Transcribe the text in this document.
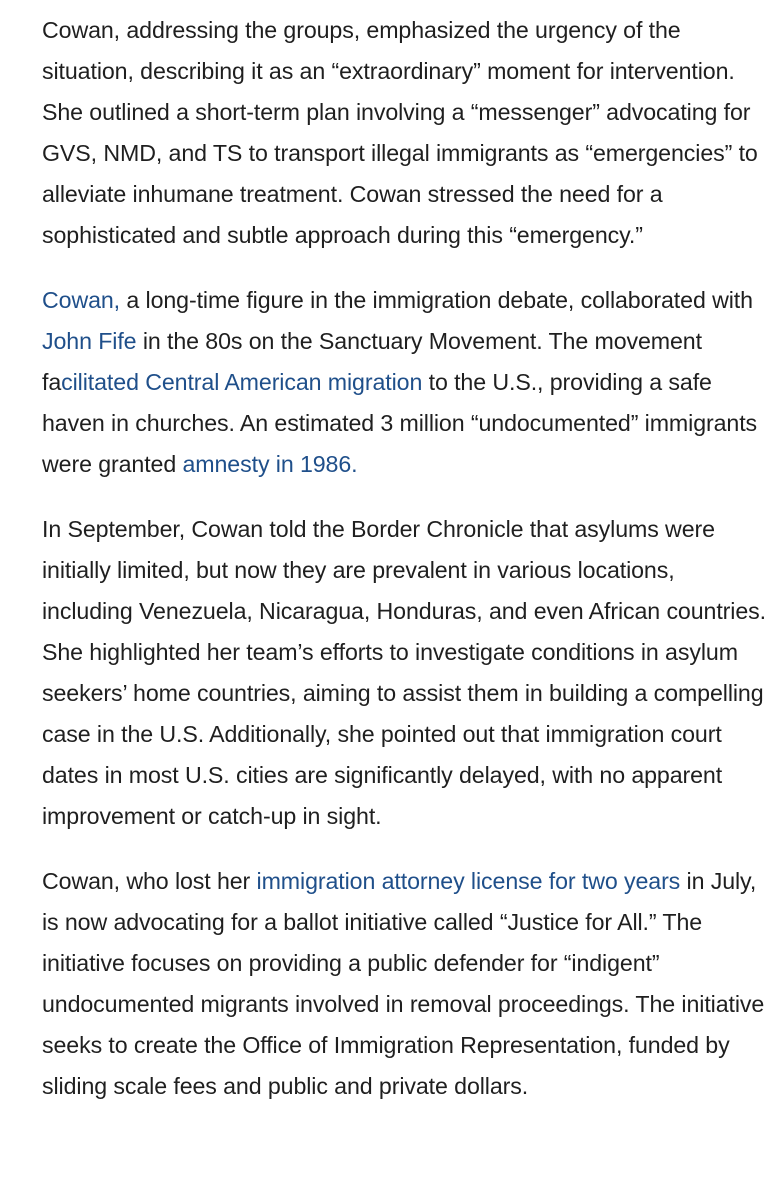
Cowan, addressing the groups, emphasized the urgency of the situation, describing it as an “extraordinary” moment for intervention. She outlined a short-term plan involving a “messenger” advocating for GVS, NMD, and TS to transport illegal immigrants as “emergencies” to alleviate inhumane treatment. Cowan stressed the need for a sophisticated and subtle approach during this “emergency.”

Cowan, a long-time figure in the immigration debate, collaborated with John Fife in the 80s on the Sanctuary Movement. The movement facilitated Central American migration to the U.S., providing a safe haven in churches. An estimated 3 million “undocumented” immigrants were granted amnesty in 1986.

In September, Cowan told the Border Chronicle that asylums were initially limited, but now they are prevalent in various locations, including Venezuela, Nicaragua, Honduras, and even African countries. She highlighted her team’s efforts to investigate conditions in asylum seekers’ home countries, aiming to assist them in building a compelling case in the U.S. Additionally, she pointed out that immigration court dates in most U.S. cities are significantly delayed, with no apparent improvement or catch-up in sight.

Cowan, who lost her immigration attorney license for two years in July, is now advocating for a ballot initiative called “Justice for All.” The initiative focuses on providing a public defender for “indigent” undocumented migrants involved in removal proceedings. The initiative seeks to create the Office of Immigration Representation, funded by sliding scale fees and public and private dollars.
